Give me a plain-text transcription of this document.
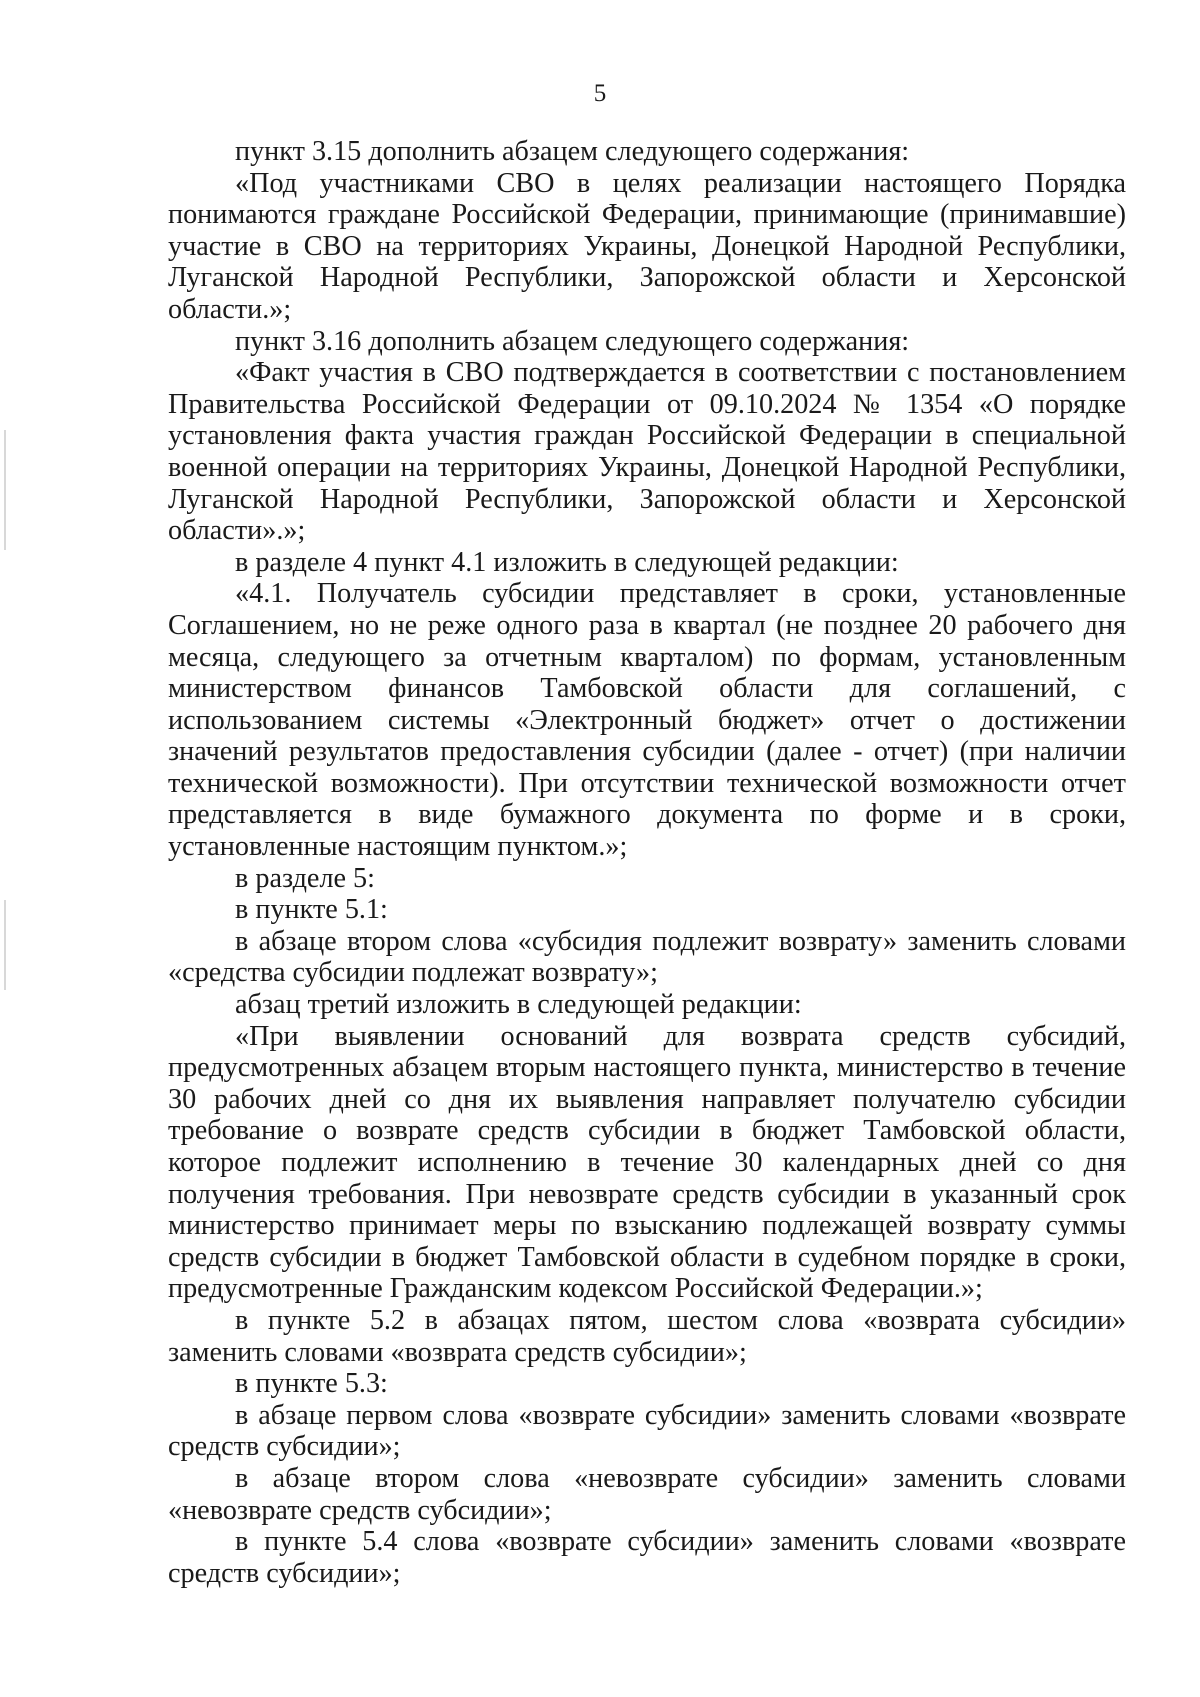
5

пункт 3.15 дополнить абзацем следующего содержания:

«Под участниками СВО в целях реализации настоящего Порядка понимаются граждане Российской Федерации, принимающие (принимавшие) участие в СВО на территориях Украины, Донецкой Народной Республики, Луганской Народной Республики, Запорожской области и Херсонской области.»;

пункт 3.16 дополнить абзацем следующего содержания:

«Факт участия в СВО подтверждается в соответствии с постановлением Правительства Российской Федерации от 09.10.2024 № 1354 «О порядке установления факта участия граждан Российской Федерации в специальной военной операции на территориях Украины, Донецкой Народной Республики, Луганской Народной Республики, Запорожской области и Херсонской области».»;

в разделе 4 пункт 4.1 изложить в следующей редакции:

«4.1. Получатель субсидии представляет в сроки, установленные Соглашением, но не реже одного раза в квартал (не позднее 20 рабочего дня месяца, следующего за отчетным кварталом) по формам, установленным министерством финансов Тамбовской области для соглашений, с использованием системы «Электронный бюджет» отчет о достижении значений результатов предоставления субсидии (далее - отчет) (при наличии технической возможности). При отсутствии технической возможности отчет представляется в виде бумажного документа по форме и в сроки, установленные настоящим пунктом.»;

в разделе 5:

в пункте 5.1:

в абзаце втором слова «субсидия подлежит возврату» заменить словами «средства субсидии подлежат возврату»;

абзац третий изложить в следующей редакции:

«При выявлении оснований для возврата средств субсидий, предусмотренных абзацем вторым настоящего пункта, министерство в течение 30 рабочих дней со дня их выявления направляет получателю субсидии требование о возврате средств субсидии в бюджет Тамбовской области, которое подлежит исполнению в течение 30 календарных дней со дня получения требования. При невозврате средств субсидии в указанный срок министерство принимает меры по взысканию подлежащей возврату суммы средств субсидии в бюджет Тамбовской области в судебном порядке в сроки, предусмотренные Гражданским кодексом Российской Федерации.»;

в пункте 5.2 в абзацах пятом, шестом слова «возврата субсидии» заменить словами «возврата средств субсидии»;

в пункте 5.3:

в абзаце первом слова «возврате субсидии» заменить словами «возврате средств субсидии»;

в абзаце втором слова «невозврате субсидии» заменить словами «невозврате средств субсидии»;

в пункте 5.4 слова «возврате субсидии» заменить словами «возврате средств субсидии»;
